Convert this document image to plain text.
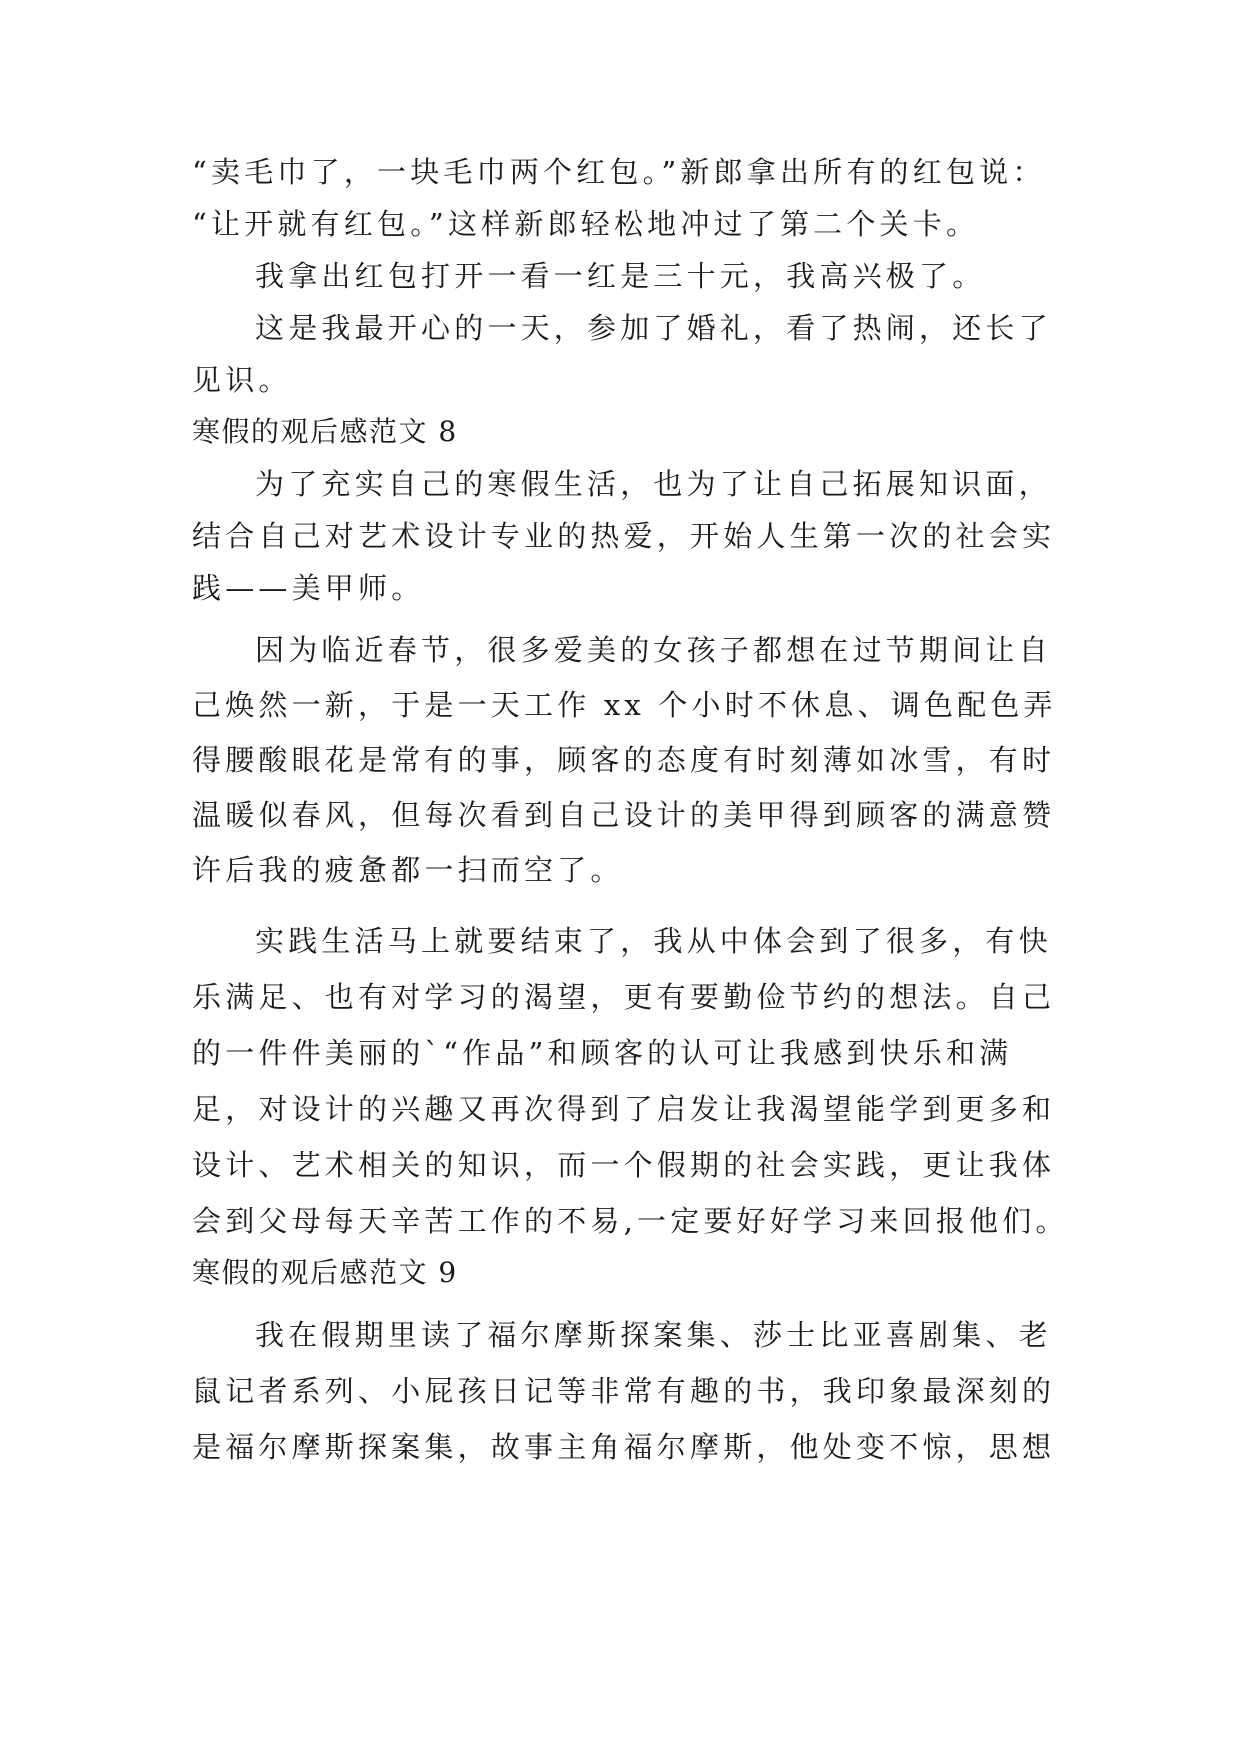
“卖毛巾了，一块毛巾两个红包。”新郎拿出所有的红包说：
“让开就有红包。”这样新郎轻松地冲过了第二个关卡。
我拿出红包打开一看一红是三十元，我高兴极了。
这是我最开心的一天，参加了婚礼，看了热闹，还长了
见识。
寒假的观后感范文 8
为了充实自己的寒假生活，也为了让自己拓展知识面，
结合自己对艺术设计专业的热爱，开始人生第一次的社会实
践——美甲师。
因为临近春节，很多爱美的女孩子都想在过节期间让自
己焕然一新，于是一天工作 xx 个小时不休息、调色配色弄
得腰酸眼花是常有的事，顾客的态度有时刻薄如冰雪，有时
温暖似春风，但每次看到自己设计的美甲得到顾客的满意赞
许后我的疲惫都一扫而空了。
实践生活马上就要结束了，我从中体会到了很多，有快
乐满足、也有对学习的渴望，更有要勤俭节约的想法。自己
的一件件美丽的`“作品”和顾客的认可让我感到快乐和满
足，对设计的兴趣又再次得到了启发让我渴望能学到更多和
设计、艺术相关的知识，而一个假期的社会实践，更让我体
会到父母每天辛苦工作的不易,一定要好好学习来回报他们。
寒假的观后感范文 9
我在假期里读了福尔摩斯探案集、莎士比亚喜剧集、老
鼠记者系列、小屁孩日记等非常有趣的书，我印象最深刻的
是福尔摩斯探案集，故事主角福尔摩斯，他处变不惊，思想
